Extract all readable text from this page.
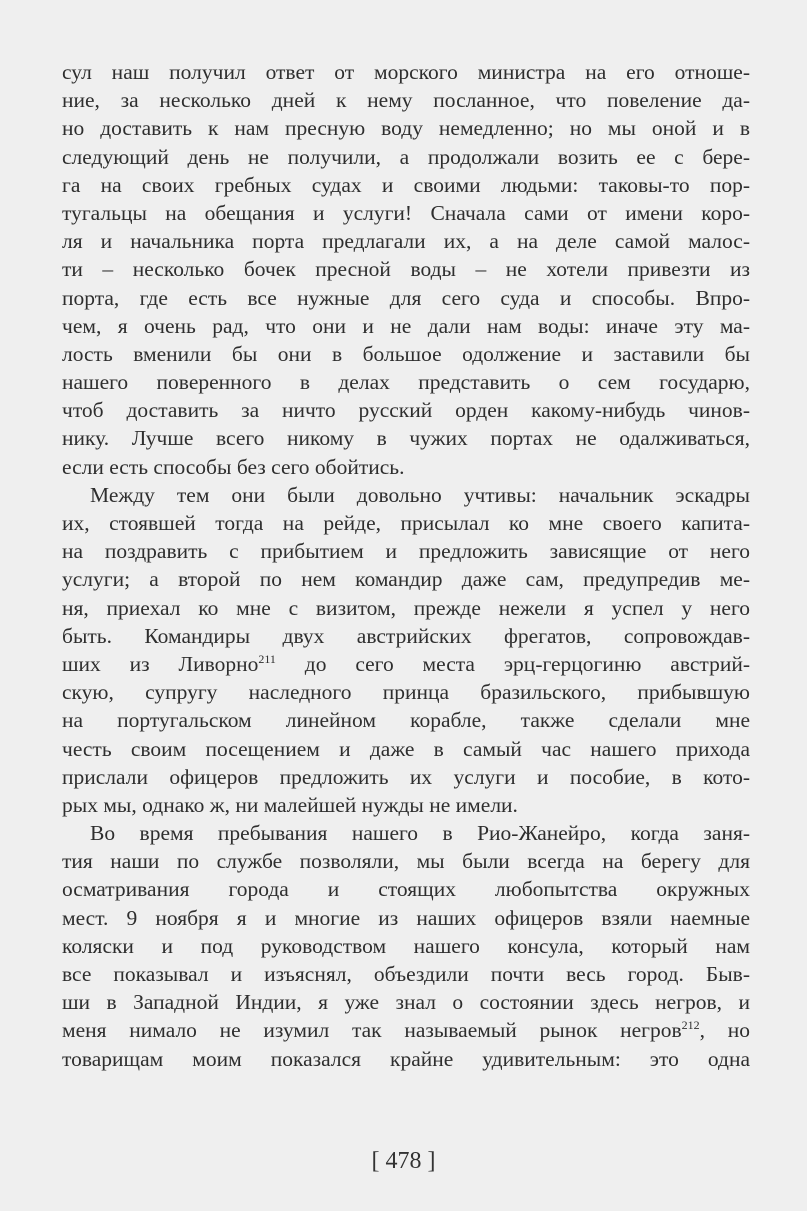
сул наш получил ответ от морского министра на его отноше-
ние, за несколько дней к нему посланное, что повеление да-
но доставить к нам пресную воду немедленно; но мы оной и в
следующий день не получили, а продолжали возить ее с бере-
га на своих гребных судах и своими людьми: таковы-то пор-
тугальцы на обещания и услуги! Сначала сами от имени коро-
ля и начальника порта предлагали их, а на деле самой малос-
ти – несколько бочек пресной воды – не хотели привезти из
порта, где есть все нужные для сего суда и способы. Впро-
чем, я очень рад, что они и не дали нам воды: иначе эту ма-
лость вменили бы они в большое одолжение и заставили бы
нашего поверенного в делах представить о сем государю,
чтоб доставить за ничто русский орден какому-нибудь чинов-
нику. Лучше всего никому в чужих портах не одалживаться,
если есть способы без сего обойтись.
Между тем они были довольно учтивы: начальник эскадры
их, стоявшей тогда на рейде, присылал ко мне своего капита-
на поздравить с прибытием и предложить зависящие от него
услуги; а второй по нем командир даже сам, предупредив ме-
ня, приехал ко мне с визитом, прежде нежели я успел у него
быть. Командиры двух австрийских фрегатов, сопровождав-
ших из Ливорно$^{211}$ до сего места эрц-герцогиню австрий-
скую, супругу наследного принца бразильского, прибывшую
на португальском линейном корабле, также сделали мне
честь своим посещением и даже в самый час нашего прихода
прислали офицеров предложить их услуги и пособие, в кото-
рых мы, однако ж, ни малейшей нужды не имели.
Во время пребывания нашего в Рио-Жанейро, когда заня-
тия наши по службе позволяли, мы были всегда на берегу для
осматривания города и стоящих любопытства окружных
мест. 9 ноября я и многие из наших офицеров взяли наемные
коляски и под руководством нашего консула, который нам
все показывал и изъяснял, объездили почти весь город. Быв-
ши в Западной Индии, я уже знал о состоянии здесь негров, и
меня нимало не изумил так называемый рынок негров$^{212}$, но
товарищам моим показался крайне удивительным: это одна
[ 478 ]
